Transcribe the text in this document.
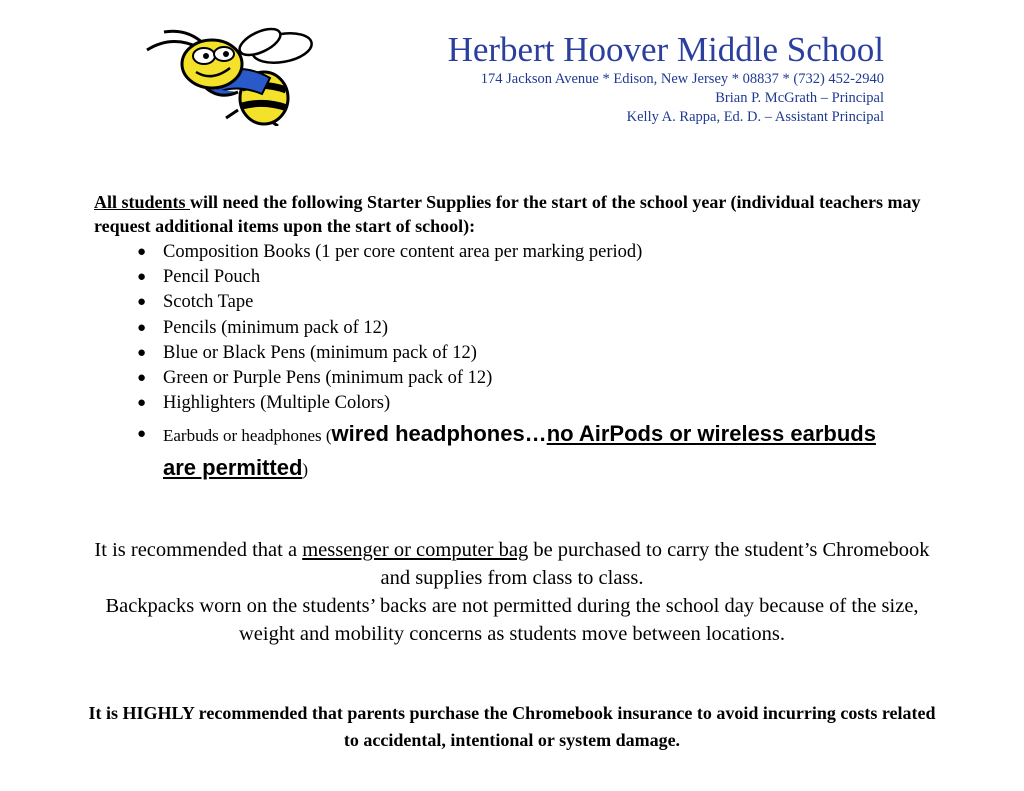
Herbert Hoover Middle School
174 Jackson Avenue * Edison, New Jersey * 08837 * (732) 452-2940
Brian P. McGrath – Principal
Kelly A. Rappa, Ed. D. – Assistant Principal
All students will need the following Starter Supplies for the start of the school year (individual teachers may request additional items upon the start of school):
● Composition Books (1 per core content area per marking period)
● Pencil Pouch
● Scotch Tape
● Pencils (minimum pack of 12)
● Blue or Black Pens (minimum pack of 12)
● Green or Purple Pens (minimum pack of 12)
● Highlighters (Multiple Colors)
● Earbuds or headphones (wired headphones…no AirPods or wireless earbuds are permitted)
It is recommended that a messenger or computer bag be purchased to carry the student’s Chromebook and supplies from class to class.
Backpacks worn on the students’ backs are not permitted during the school day because of the size, weight and mobility concerns as students move between locations.
It is HIGHLY recommended that parents purchase the Chromebook insurance to avoid incurring costs related to accidental, intentional or system damage.
